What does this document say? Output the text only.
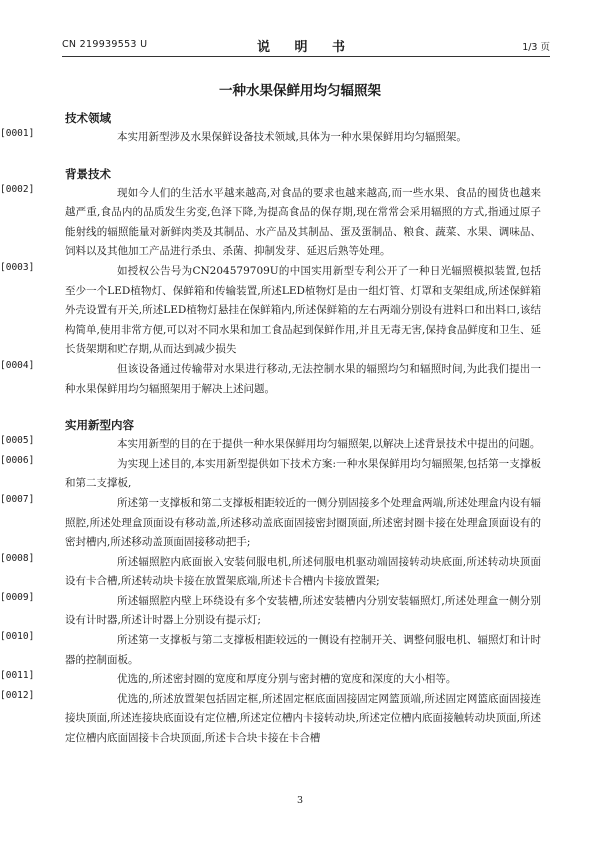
CN 219939553 U	说 明 书	1/3 页
一种水果保鲜用均匀辐照架
技术领域
[0001]	本实用新型涉及水果保鲜设备技术领域,具体为一种水果保鲜用均匀辐照架。
背景技术
[0002]	现如今人们的生活水平越来越高,对食品的要求也越来越高,而一些水果、食品的囤货也越来越严重,食品内的品质发生劣变,色泽下降,为提高食品的保存期,现在常常会采用辐照的方式,指通过原子能射线的辐照能量对新鲜肉类及其制品、水产品及其制品、蛋及蛋制品、粮食、蔬菜、水果、调味品、饲料以及其他加工产品进行杀虫、杀菌、抑制发芽、延迟后熟等处理。
[0003]	如授权公告号为CN204579709U的中国实用新型专利公开了一种日光辐照模拟装置,包括至少一个LED植物灯、保鲜箱和传输装置,所述LED植物灯是由一组灯管、灯罩和支架组成,所述保鲜箱外壳设置有开关,所述LED植物灯悬挂在保鲜箱内,所述保鲜箱的左右两端分别设有进料口和出料口,该结构简单,使用非常方便,可以对不同水果和加工食品起到保鲜作用,并且无毒无害,保持食品鲜度和卫生、延长货架期和贮存期,从而达到减少损失
[0004]	但该设备通过传输带对水果进行移动,无法控制水果的辐照均匀和辐照时间,为此我们提出一种水果保鲜用均匀辐照架用于解决上述问题。
实用新型内容
[0005]	本实用新型的目的在于提供一种水果保鲜用均匀辐照架,以解决上述背景技术中提出的问题。
[0006]	为实现上述目的,本实用新型提供如下技术方案:一种水果保鲜用均匀辐照架,包括第一支撑板和第二支撑板,
[0007]	所述第一支撑板和第二支撑板相距较近的一侧分别固接多个处理盒两端,所述处理盒内设有辐照腔,所述处理盒顶面设有移动盖,所述移动盖底面固接密封圈顶面,所述密封圈卡接在处理盒顶面设有的密封槽内,所述移动盖顶面固接移动把手;
[0008]	所述辐照腔内底面嵌入安装伺服电机,所述伺服电机驱动端固接转动块底面,所述转动块顶面设有卡合槽,所述转动块卡接在放置架底端,所述卡合槽内卡接放置架;
[0009]	所述辐照腔内壁上环绕设有多个安装槽,所述安装槽内分别安装辐照灯,所述处理盒一侧分别设有计时器,所述计时器上分别设有提示灯;
[0010]	所述第一支撑板与第二支撑板相距较远的一侧设有控制开关、调整伺服电机、辐照灯和计时器的控制面板。
[0011]	优选的,所述密封圈的宽度和厚度分别与密封槽的宽度和深度的大小相等。
[0012]	优选的,所述放置架包括固定框,所述固定框底面固接固定网篮顶端,所述固定网篮底面固接连接块顶面,所述连接块底面设有定位槽,所述定位槽内卡接转动块,所述定位槽内底面接触转动块顶面,所述定位槽内底面固接卡合块顶面,所述卡合块卡接在卡合槽
3
